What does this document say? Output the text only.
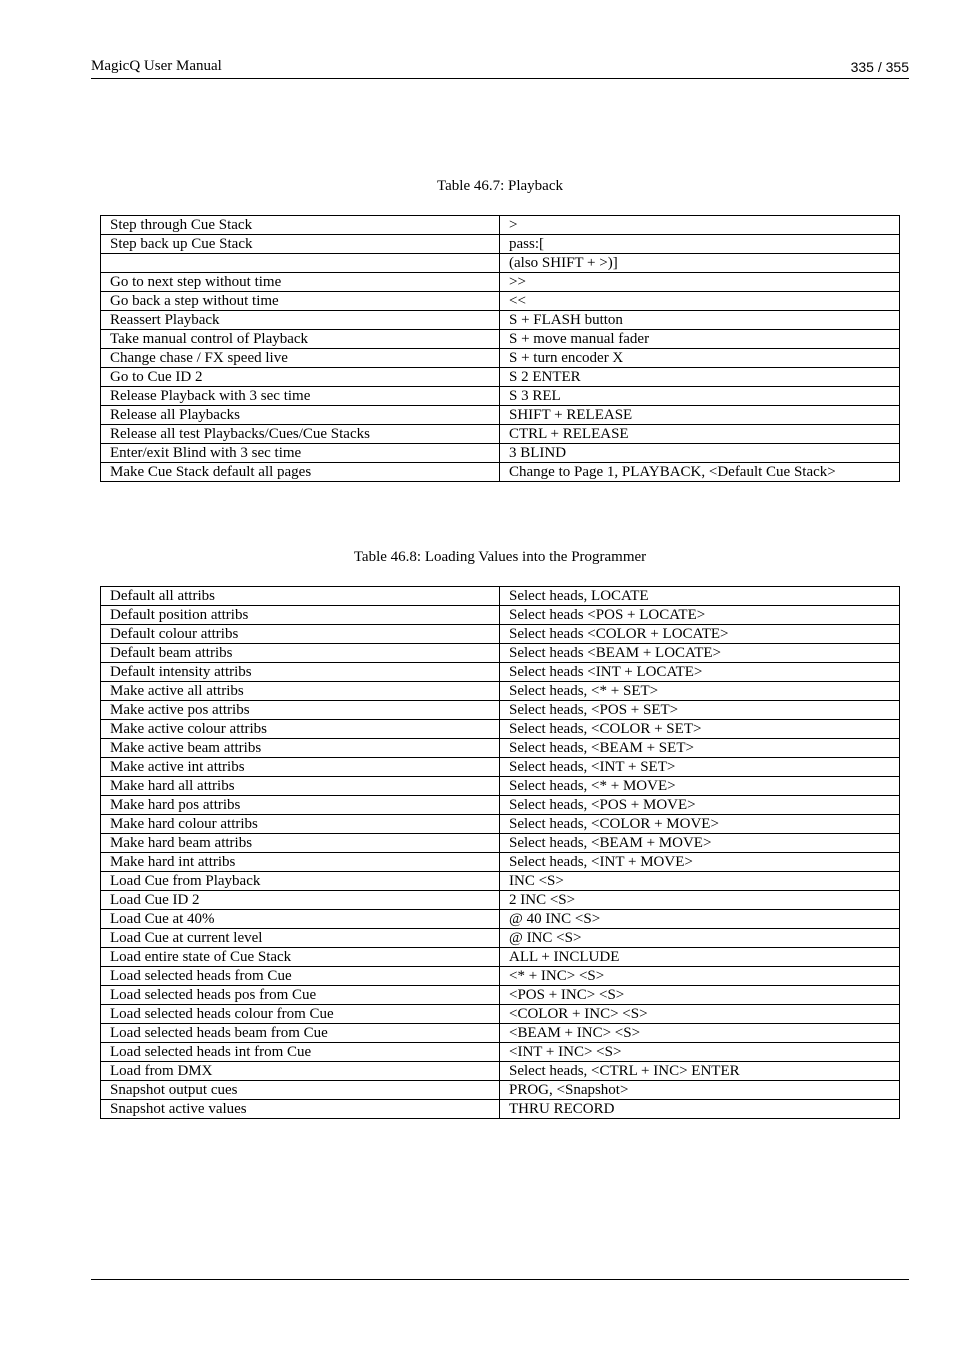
MagicQ User Manual	335 / 355
Table 46.7: Playback
Step through Cue Stack	>
Step back up Cue Stack	pass:[
	(also SHIFT + >)]
Go to next step without time	>>
Go back a step without time	<<
Reassert Playback	S + FLASH button
Take manual control of Playback	S + move manual fader
Change chase / FX speed live	S + turn encoder X
Go to Cue ID 2	S 2 ENTER
Release Playback with 3 sec time	S 3 REL
Release all Playbacks	SHIFT + RELEASE
Release all test Playbacks/Cues/Cue Stacks	CTRL + RELEASE
Enter/exit Blind with 3 sec time	3 BLIND
Make Cue Stack default all pages	Change to Page 1, PLAYBACK, <Default Cue Stack>
Table 46.8: Loading Values into the Programmer
Default all attribs	Select heads, LOCATE
Default position attribs	Select heads <POS + LOCATE>
Default colour attribs	Select heads <COLOR + LOCATE>
Default beam attribs	Select heads <BEAM + LOCATE>
Default intensity attribs	Select heads <INT + LOCATE>
Make active all attribs	Select heads, <* + SET>
Make active pos attribs	Select heads, <POS + SET>
Make active colour attribs	Select heads, <COLOR + SET>
Make active beam attribs	Select heads, <BEAM + SET>
Make active int attribs	Select heads, <INT + SET>
Make hard all attribs	Select heads, <* + MOVE>
Make hard pos attribs	Select heads, <POS + MOVE>
Make hard colour attribs	Select heads, <COLOR + MOVE>
Make hard beam attribs	Select heads, <BEAM + MOVE>
Make hard int attribs	Select heads, <INT + MOVE>
Load Cue from Playback	INC <S>
Load Cue ID 2	2 INC <S>
Load Cue at 40%	@ 40 INC <S>
Load Cue at current level	@ INC <S>
Load entire state of Cue Stack	ALL + INCLUDE
Load selected heads from Cue	<* + INC> <S>
Load selected heads pos from Cue	<POS + INC> <S>
Load selected heads colour from Cue	<COLOR + INC> <S>
Load selected heads beam from Cue	<BEAM + INC> <S>
Load selected heads int from Cue	<INT + INC> <S>
Load from DMX	Select heads, <CTRL + INC> ENTER
Snapshot output cues	PROG, <Snapshot>
Snapshot active values	THRU RECORD
